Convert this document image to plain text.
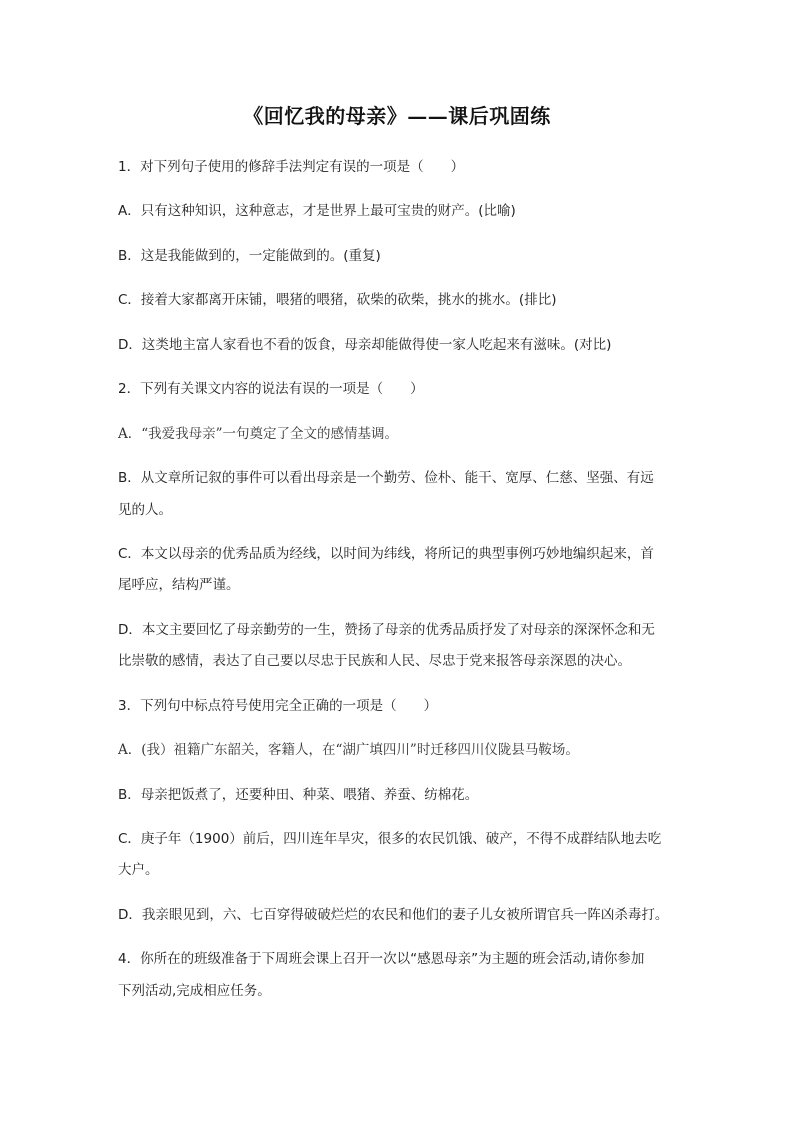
《回忆我的母亲》——课后巩固练
1．对下列句子使用的修辞手法判定有误的一项是（　　）
A．只有这种知识，这种意志，才是世界上最可宝贵的财产。(比喻)
B．这是我能做到的，一定能做到的。(重复)
C．接着大家都离开床铺，喂猪的喂猪，砍柴的砍柴，挑水的挑水。(排比)
D．这类地主富人家看也不看的饭食，母亲却能做得使一家人吃起来有滋味。(对比)
2．下列有关课文内容的说法有误的一项是（　　）
A．“我爱我母亲”一句奠定了全文的感情基调。
B．从文章所记叙的事件可以看出母亲是一个勤劳、俭朴、能干、宽厚、仁慈、坚强、有远
见的人。
C．本文以母亲的优秀品质为经线，以时间为纬线，将所记的典型事例巧妙地编织起来，首
尾呼应，结构严谨。
D．本文主要回忆了母亲勤劳的一生，赞扬了母亲的优秀品质抒发了对母亲的深深怀念和无
比崇敬的感情，表达了自己要以尽忠于民族和人民、尽忠于党来报答母亲深恩的决心。
3．下列句中标点符号使用完全正确的一项是（　　）
A．(我）祖籍广东韶关，客籍人，在“湖广填四川”时迁移四川仪陇县马鞍场。
B．母亲把饭煮了，还要种田、种菜、喂猪、养蚕、纺棉花。
C．庚子年（1900）前后，四川连年旱灾，很多的农民饥饿、破产，不得不成群结队地去吃
大户。
D．我亲眼见到，六、七百穿得破破烂烂的农民和他们的妻子儿女被所谓官兵一阵凶杀毒打。
4．你所在的班级准备于下周班会课上召开一次以“感恩母亲”为主题的班会活动,请你参加
下列活动,完成相应任务。
